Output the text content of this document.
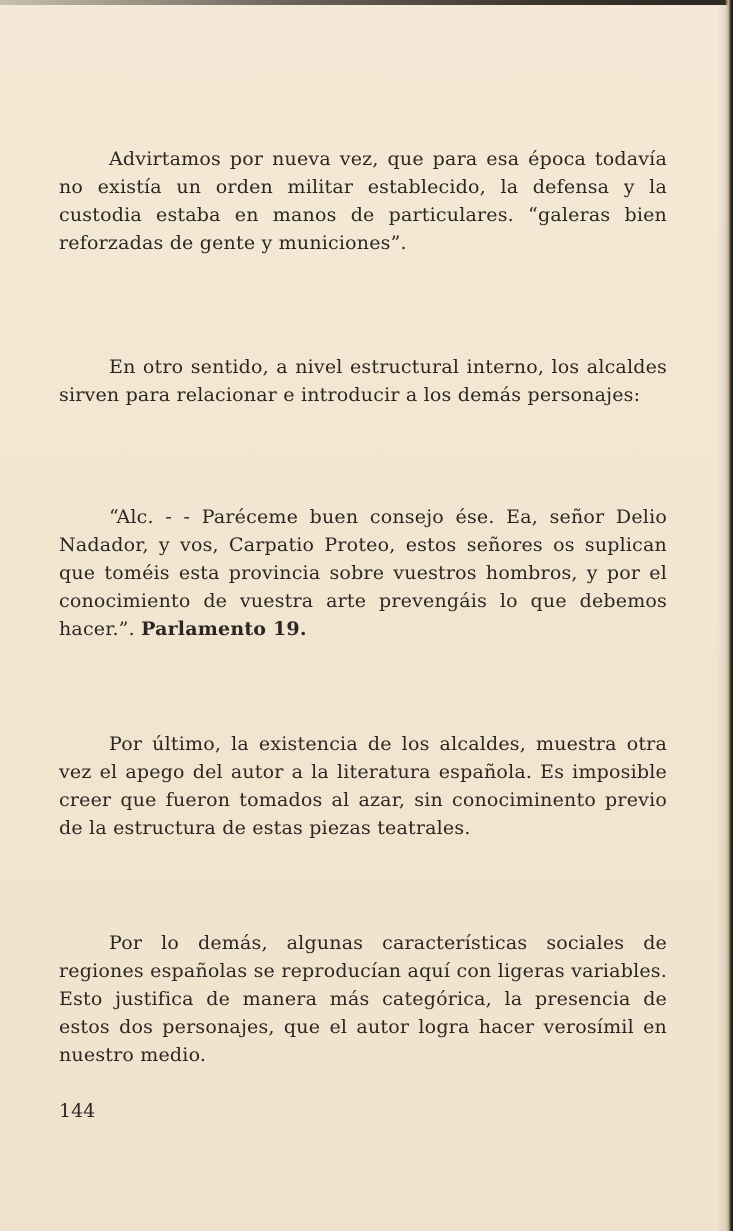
Advirtamos por nueva vez, que para esa época todavía no existía un orden militar establecido, la defensa y la custodia estaba en manos de particulares. “galeras bien reforzadas de gente y municiones”.

En otro sentido, a nivel estructural interno, los alcaldes sirven para relacionar e introducir a los demás personajes:

“Alc. - - Paréceme buen consejo ése. Ea, señor Delio Nadador, y vos, Carpatio Proteo, estos señores os suplican que toméis esta provincia sobre vuestros hombros, y por el conocimiento de vuestra arte prevengáis lo que debemos hacer.”. Parlamento 19.

Por último, la existencia de los alcaldes, muestra otra vez el apego del autor a la literatura española. Es imposible creer que fueron tomados al azar, sin conociminento previo de la estructura de estas piezas teatrales.

Por lo demás, algunas características sociales de regiones españolas se reproducían aquí con ligeras variables. Esto justifica de manera más categórica, la presencia de estos dos personajes, que el autor logra hacer verosímil en nuestro medio.

144
